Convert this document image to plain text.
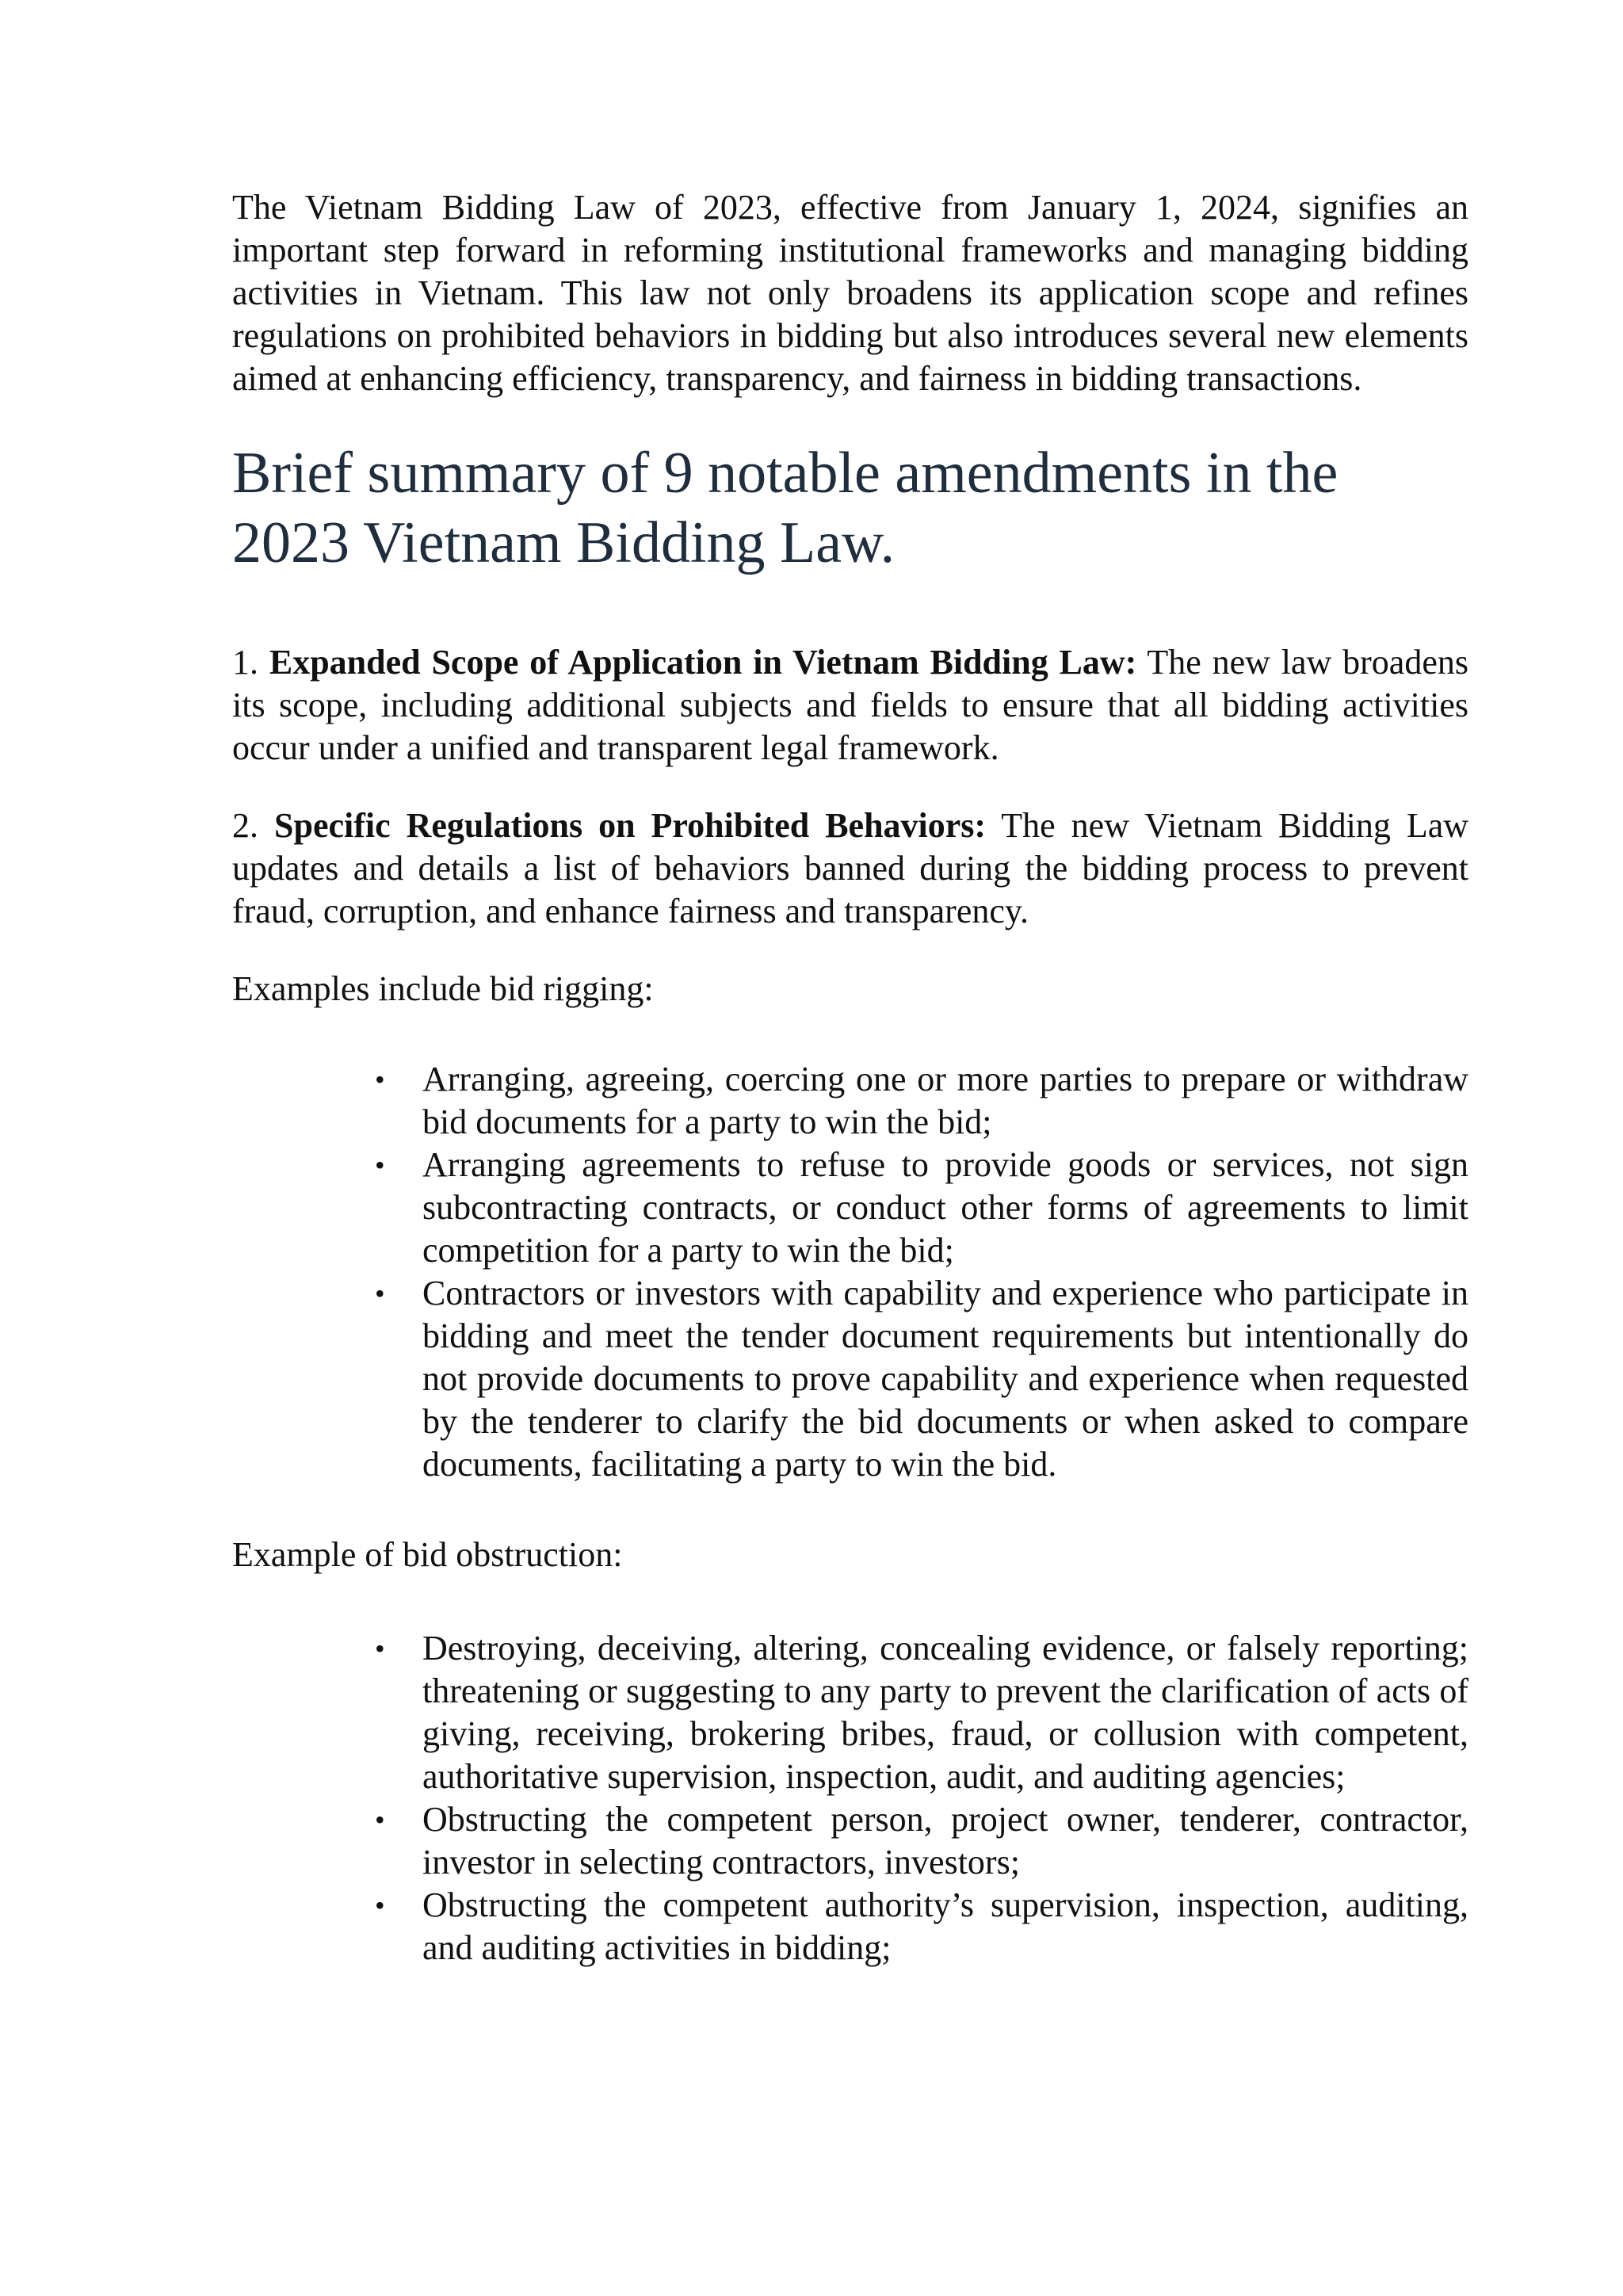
The Vietnam Bidding Law of 2023, effective from January 1, 2024, signifies an important step forward in reforming institutional frameworks and managing bidding activities in Vietnam. This law not only broadens its application scope and refines regulations on prohibited behaviors in bidding but also introduces several new elements aimed at enhancing efficiency, transparency, and fairness in bidding transactions.

Brief summary of 9 notable amendments in the 2023 Vietnam Bidding Law.

1. Expanded Scope of Application in Vietnam Bidding Law: The new law broadens its scope, including additional subjects and fields to ensure that all bidding activities occur under a unified and transparent legal framework.

2. Specific Regulations on Prohibited Behaviors: The new Vietnam Bidding Law updates and details a list of behaviors banned during the bidding process to prevent fraud, corruption, and enhance fairness and transparency.

Examples include bid rigging:

• Arranging, agreeing, coercing one or more parties to prepare or withdraw bid documents for a party to win the bid;
• Arranging agreements to refuse to provide goods or services, not sign subcontracting contracts, or conduct other forms of agreements to limit competition for a party to win the bid;
• Contractors or investors with capability and experience who participate in bidding and meet the tender document requirements but intentionally do not provide documents to prove capability and experience when requested by the tenderer to clarify the bid documents or when asked to compare documents, facilitating a party to win the bid.

Example of bid obstruction:

• Destroying, deceiving, altering, concealing evidence, or falsely reporting; threatening or suggesting to any party to prevent the clarification of acts of giving, receiving, brokering bribes, fraud, or collusion with competent, authoritative supervision, inspection, audit, and auditing agencies;
• Obstructing the competent person, project owner, tenderer, contractor, investor in selecting contractors, investors;
• Obstructing the competent authority’s supervision, inspection, auditing, and auditing activities in bidding;
